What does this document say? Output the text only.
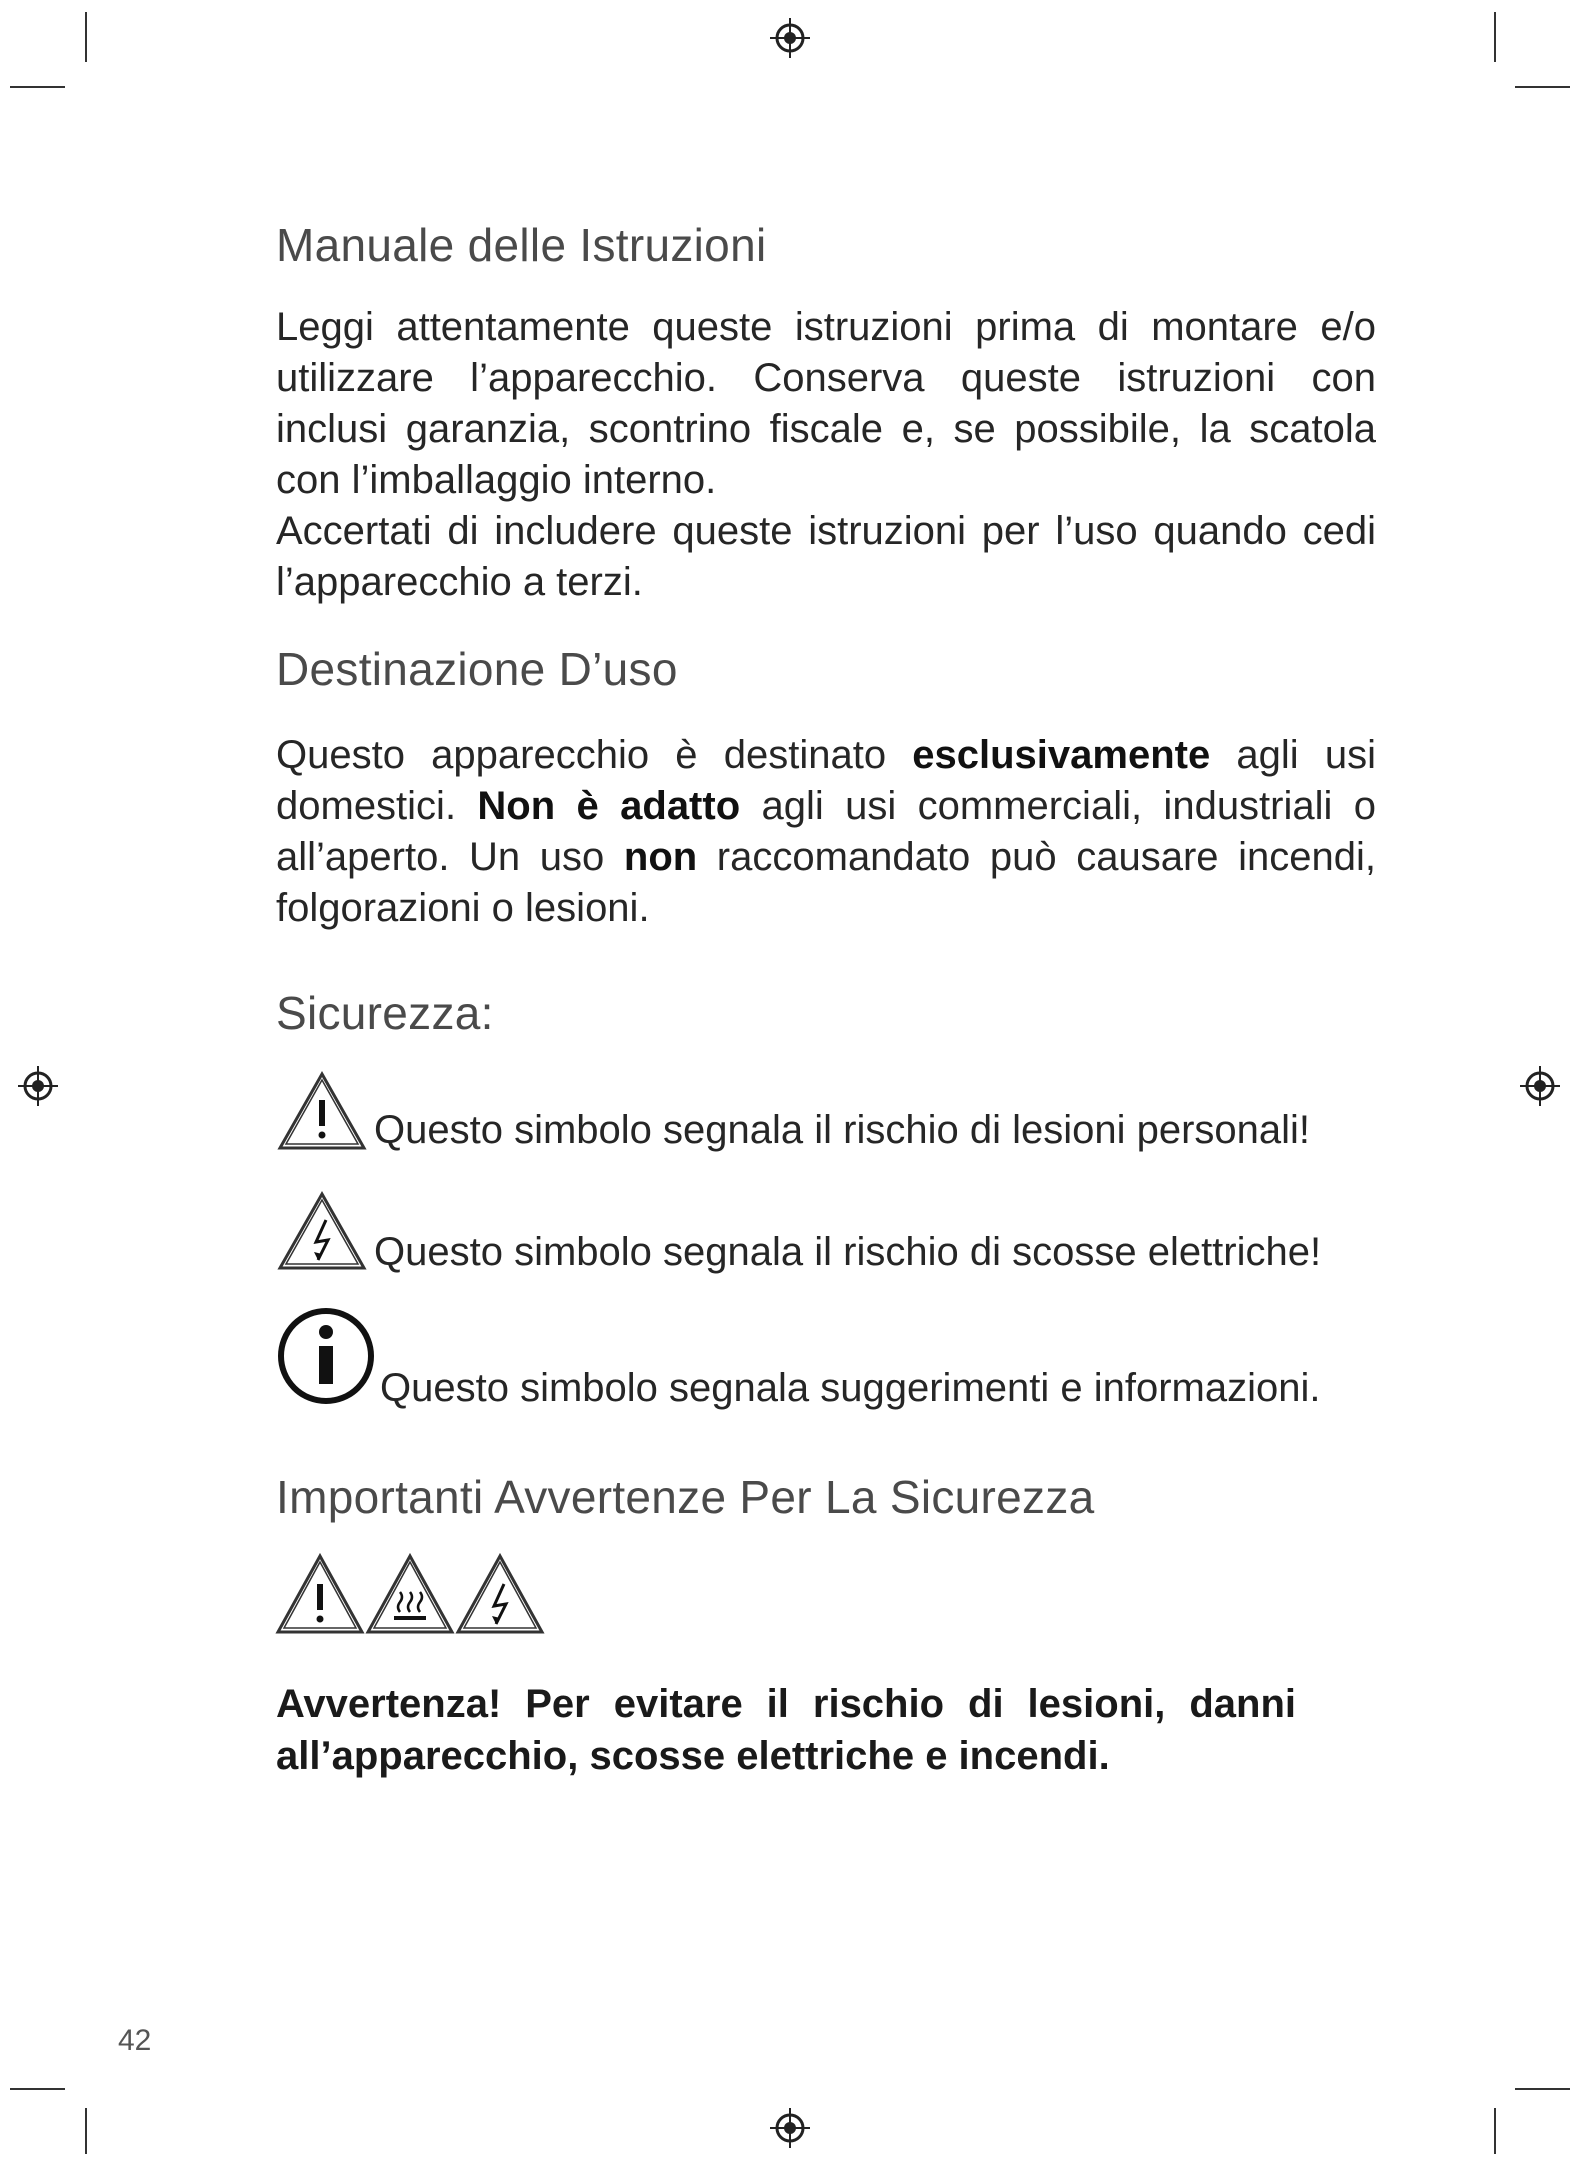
Manuale delle Istruzioni
Leggi attentamente queste istruzioni prima di montare e/o
utilizzare l’apparecchio. Conserva queste istruzioni con
inclusi garanzia, scontrino fiscale e, se possibile, la scatola
con l’imballaggio interno.
Accertati di includere queste istruzioni per l’uso quando cedi
l’apparecchio a terzi.
Destinazione D’uso
Questo apparecchio è destinato esclusivamente agli usi
domestici. Non è adatto agli usi commerciali, industriali o
all’aperto. Un uso non raccomandato può causare incendi,
folgorazioni o lesioni.
Sicurezza:
Questo simbolo segnala il rischio di lesioni personali!
Questo simbolo segnala il rischio di scosse elettriche!
Questo simbolo segnala suggerimenti e informazioni.
Importanti Avvertenze Per La Sicurezza
Avvertenza! Per evitare il rischio di lesioni, danni
all’apparecchio, scosse elettriche e incendi.
42
